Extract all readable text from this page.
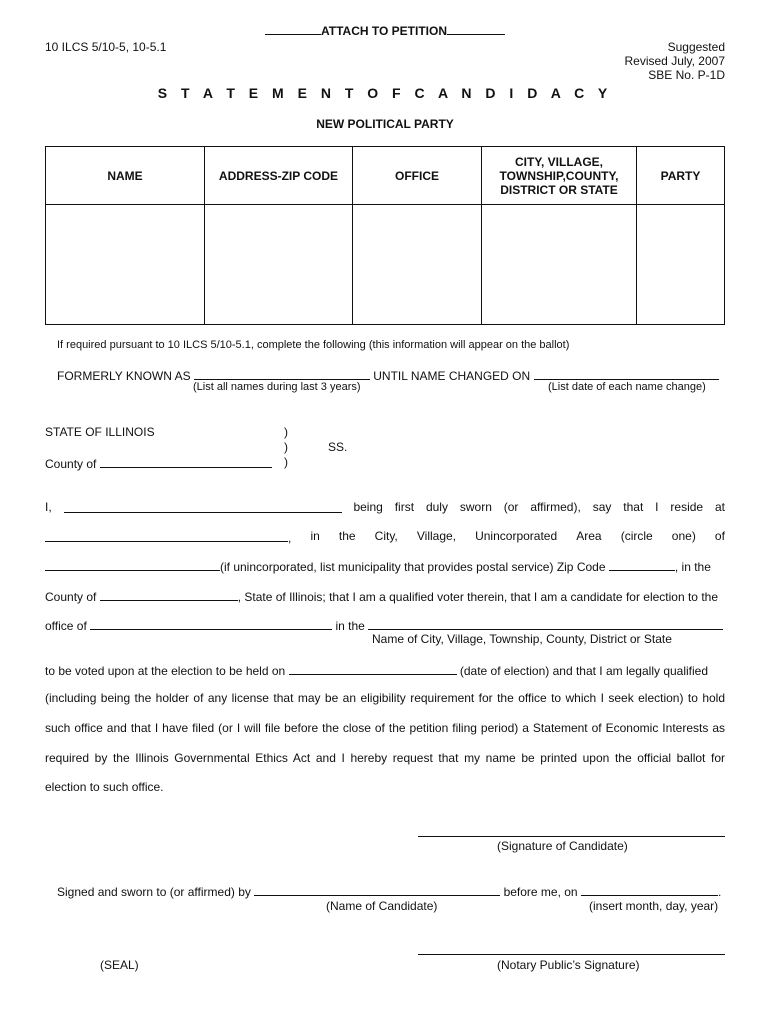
ATTACH TO PETITION
10 ILCS 5/10-5, 10-5.1	Suggested
Revised July, 2007
SBE No. P-1D
S T A T E M E N T O F C A N D I D A C Y
NEW POLITICAL PARTY
NAME	ADDRESS-ZIP CODE	OFFICE	CITY, VILLAGE,
TOWNSHIP,COUNTY,
DISTRICT OR STATE	PARTY

If required pursuant to 10 ILCS 5/10-5.1, complete the following (this information will appear on the ballot)
FORMERLY KNOWN AS	UNTIL NAME CHANGED ON
(List all names during last 3 years)	(List date of each name change)
STATE OF ILLINOIS	)
)	SS.
County of	)
I,	being first duly sworn (or affirmed), say that I reside at
, in the City, Village, Unincorporated Area (circle one) of
(if unincorporated, list municipality that provides postal service) Zip Code	, in the
County of	, State of Illinois; that I am a qualified voter therein, that I am a candidate for election to the
office of	in the
Name of City, Village, Township, County, District or State
to be voted upon at the election to be held on	(date of election) and that I am legally qualified
(including being the holder of any license that may be an eligibility requirement for the office to which I seek election) to hold
such office and that I have filed (or I will file before the close of the petition filing period) a Statement of Economic Interests as
required by the Illinois Governmental Ethics Act and I hereby request that my name be printed upon the official ballot for
election to such office.
(Signature of Candidate)
Signed and sworn to (or affirmed) by	before me, on	.
(Name of Candidate)	(insert month, day, year)
(SEAL)	(Notary Public’s Signature)
